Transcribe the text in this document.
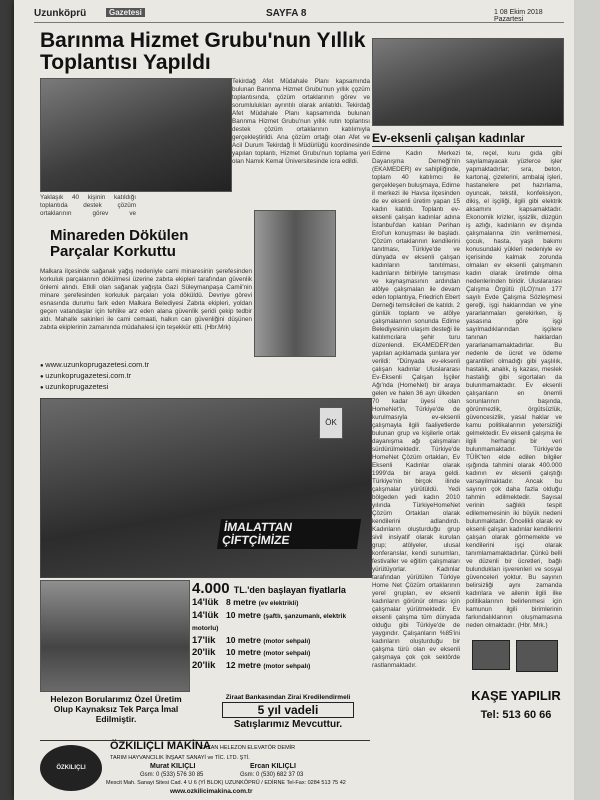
Uzunköprü	Gazetesi	SAYFA 8	1 08 Ekim 2018 Pazartesi
Barınma Hizmet Grubu'nun Yıllık Toplantısı Yapıldı
Tekirdağ Afet Müdahale Planı kapsamında bulunan Barınma Hizmet Grubu'nun yıllık ço̧züm toplantısında, çözüm ortaklarının görev ve sorumlulukları ayrıntılı olarak anlatıldı. Tekirdağ Afet Müdahale Planı kapsamında bulunan Barınma Hizmet Grubu'nun yıllık rutin toplantısı destek çözüm ortaklarının katılımıyla gerçekleştirildi. Ana çözüm ortağı olan Afet ve Acil Durum Tekirdağ İl Müdürlüğü koordinesinde yapılan toplantı, Hizmet Grubu'nun toplama yeri olan Namık Kemal Üniversitesinde icra edildi.
Yaklaşık 40 kişinin katıldığı toplantıda destek çözüm ortaklarının görev ve
Minareden Dökülen Parçalar Korkuttu
Malkara ilçesinde sağanak yağış nedeniyle cami minaresinin şerefesinden korkuluk parçalarının dökülmesi üzerine zabıta ekipleri tarafından güvenlik önlemi alındı. Etkili olan sağanak yağışta Gazi Süleymanpaşa Camii'nin minare şerefesinden korkuluk parçaları yola döküldü. Devriye görevi esnasında durumu fark eden Malkara Belediyesi Zabıta ekipleri, yoldan geçen vatandaşlar için tehlike arz eden alana güvenlik şeridi çekip tedbir aldı. Mahalle sakinleri ile cami cemaati, halkın can güvenliğini düşünen zabıta ekiplerinin zamanında müdahalesi için teşekkür etti. (Hbr.Mrk)
● www.uzunkoprugazetesi.com.tr
● uzunkoprugazetesi.com.tr
● uzunkoprugazetesi
Ev-eksenli çalışan kadınlar
Edirne Kadın Merkezi Dayanışma Derneği'nin (EKAMEDER) ev sahipliğinde, toplam 40 katılımcı ile gerçekleşen buluşmaya, Edirne il merkezi ile Havsa ilçesinden de ev eksenli üretim yapan 15 kadın katıldı. Toplantı ev-eksenli çalışan kadınlar adına İstanbul'dan katılan Perihan Erol'un konuşması ile başladı. Çözüm ortaklarının kendilerini tanıtması, Türkiye'de ve dünyada ev eksenli çalışan kadınların tanıtılması, kadınların birbiriyle tanışması ve kaynaşmasının ardından atölye çalışmaları ile devam eden toplantıya, Friedrich Ebert Derneği temsilcileri de katıldı. 2 günlük toplantı ve atölye çalışmalarının sonunda Edirne Belediyesinin ulaşım desteği ile katılımcılara şehir turu düzenlendi. EKAMEDER'den yapılan açıklamada şunlara yer verildi: "Dünyada ev-eksenli çalışan kadınlar Uluslararası Ev-Eksenli Çalışan İşçiler Ağı'nda (HomeNet) bir araya gelen ve halen 36 ayrı ülkeden 70 kadar üyesi olan HomeNet'in, Türkiye'de de kurulmasıyla ev-eksenli çalışmayla ilgili faaliyetlerde bulunan grup ve kişilerle ortak dayanışma ağı çalışmaları sürdürülmektedir. Türkiye'de HomeNet Çözüm ortakları, Ev Eksenli Kadınlar olarak 1999'da bir araya geldi. Türkiye'nin birçok ilinde çalışmalar yürütüldü. Yedi bölgeden yedi kadın 2010 yılında TürkiyeHomeNet Çözüm Ortakları olarak kendilerini adlandırdı. Kadınların oluşturduğu grup sivil insiyatif olarak kurulan grup; atölyeler, ulusal konferanslar, kendi sunumları, festivaller ve eğitim çalışmaları yürütüyorlar. Kadınlar tarafından yürütülen Türkiye Home Net Çözüm ortaklarının yerel grupları, ev eksenli kadınların görünür olması için çalışmalar yürütmektedir. Ev eksenli çalışma tüm dünyada olduğu gibi Türkiye'de de yaygındır. Çalışanların %85'ini kadınların oluşturduğu bir çalışma türü olan ev eksenli çalışmaya çok çok sektörde rastlanmaktadır.
te, reçel, kuru gıda gibi sayılamayacak yüzlerce işler yapmaktadırlar; sıra, beton, kartonaj, çizelerini, ambalaj işleri, hastanelere pet hazırlama, oyuncak, tekstil, konfeksiyon, dikiş, el işçiliği, ilgili gibi elektrik aksamını kapsamaktadır. Ekonomik krizler, işsizlik, düzgün iş azlığı, kadınların ev dışında çalışmalarına izin verilmemesi, çocuk, hasta, yaşlı bakımı konusundaki yükleri nedeniyle ev içerisinde kalmak zorunda olmaları ev eksenli çalışmanın kadın olarak üretimde olma nedenlerinden biridir. Uluslararası Çalışma Örgütü (ILO)'nun 177 sayılı Evde Çalışma Sözleşmesi gereği, işgi haklarından ve yine yararlanmaları gerekirken, iş yasasına göre işgi sayılmadıklarından işçilere tanınan haklardan yararlanamamaktadırlar. Bu nedenle de ücret ve ödeme garantileri olmadığı gibi yaşlılık, hastalık, analık, iş kazası, meslek hastalığı gibi sigortaları da bulunmamaktadır. Ev eksenli çalışanların en önemli sorunlarının başında, görünmezlik, örgütsüzlük, güvencesizlik, yasal haklar ve kamu politikalarının yetersizliği gelmektedir. Ev eksenli çalışma ile ilgili herhangi bir veri bulunmamaktadır. Türkiye'de TÜİK'ten elde edilen bilgiler ışığında tahmini olarak 400.000 kadının ev eksenli çalıştığı varsayılmaktadır. Ancak bu sayının çok daha fazla olduğu tahmin edilmektedir. Sayısal verinin sağlıklı tespit edilememesinin iki büyük nedeni bulunmaktadır. Öncelikli olarak ev eksenli çalışan kadınlar kendilerini çalışan olarak görmemekte ve kendilerini işçi olarak tanımlamamaktadırlar. Çünkü belli ve düzenli bir ücretleri, bağlı bulundukları işverenleri ve sosyal güvenceleri yoktur. Bu sayının belirsizliği aynı zamanda kadınlara ve ailenin ilgili ilke politikalarının belirlenmesi için kamunun ilgili birimlerinin farkındalıklarının oluşmamasına neden olmaktadır. (Hbr. Mrk.)
KAŞE YAPILIR
Tel: 513 60 66
ÖK
İMALATTAN ÇİFTÇİMİZE
4.000 TL.'den başlayan fiyatlarla
14'lük 8 metre (ev elektrikli)
14'lük 10 metre (şaftlı, şanzumanlı, elektrik motorlu)
17'lik 10 metre (motor sehpalı)
20'lik 10 metre (motor sehpalı)
20'lik 12 metre (motor sehpalı)
Helezon Borularımız Özel Üretim Olup Kaynaksız Tek Parça İmal Edilmiştir.
Ziraat Bankasından Zirai Kredilendirmeli
5 yıl vadeli
Satışlarımız Mevcuttur.
ÖZKILIÇLI
ÖZKILIÇLI MAKİNA
KAZAN HELEZON ELEVATÖR DEMİR
TARIM HAYVANCILIK İNŞAAT SANAYİ ve TİC. LTD. ŞTİ.
Murat KILIÇLI	Ercan KILIÇLI
Gsm: 0 (533) 576 30 85	Gsm: 0 (530) 682 37 03
Mescit Mah. Sanayi Sitesi Cad. 4 U 6 (Yİ BLOK) UZUNKÖPRÜ / EDİRNE Tel-Fax: 0284 513 75 42
www.ozkilicimakina.com.tr
